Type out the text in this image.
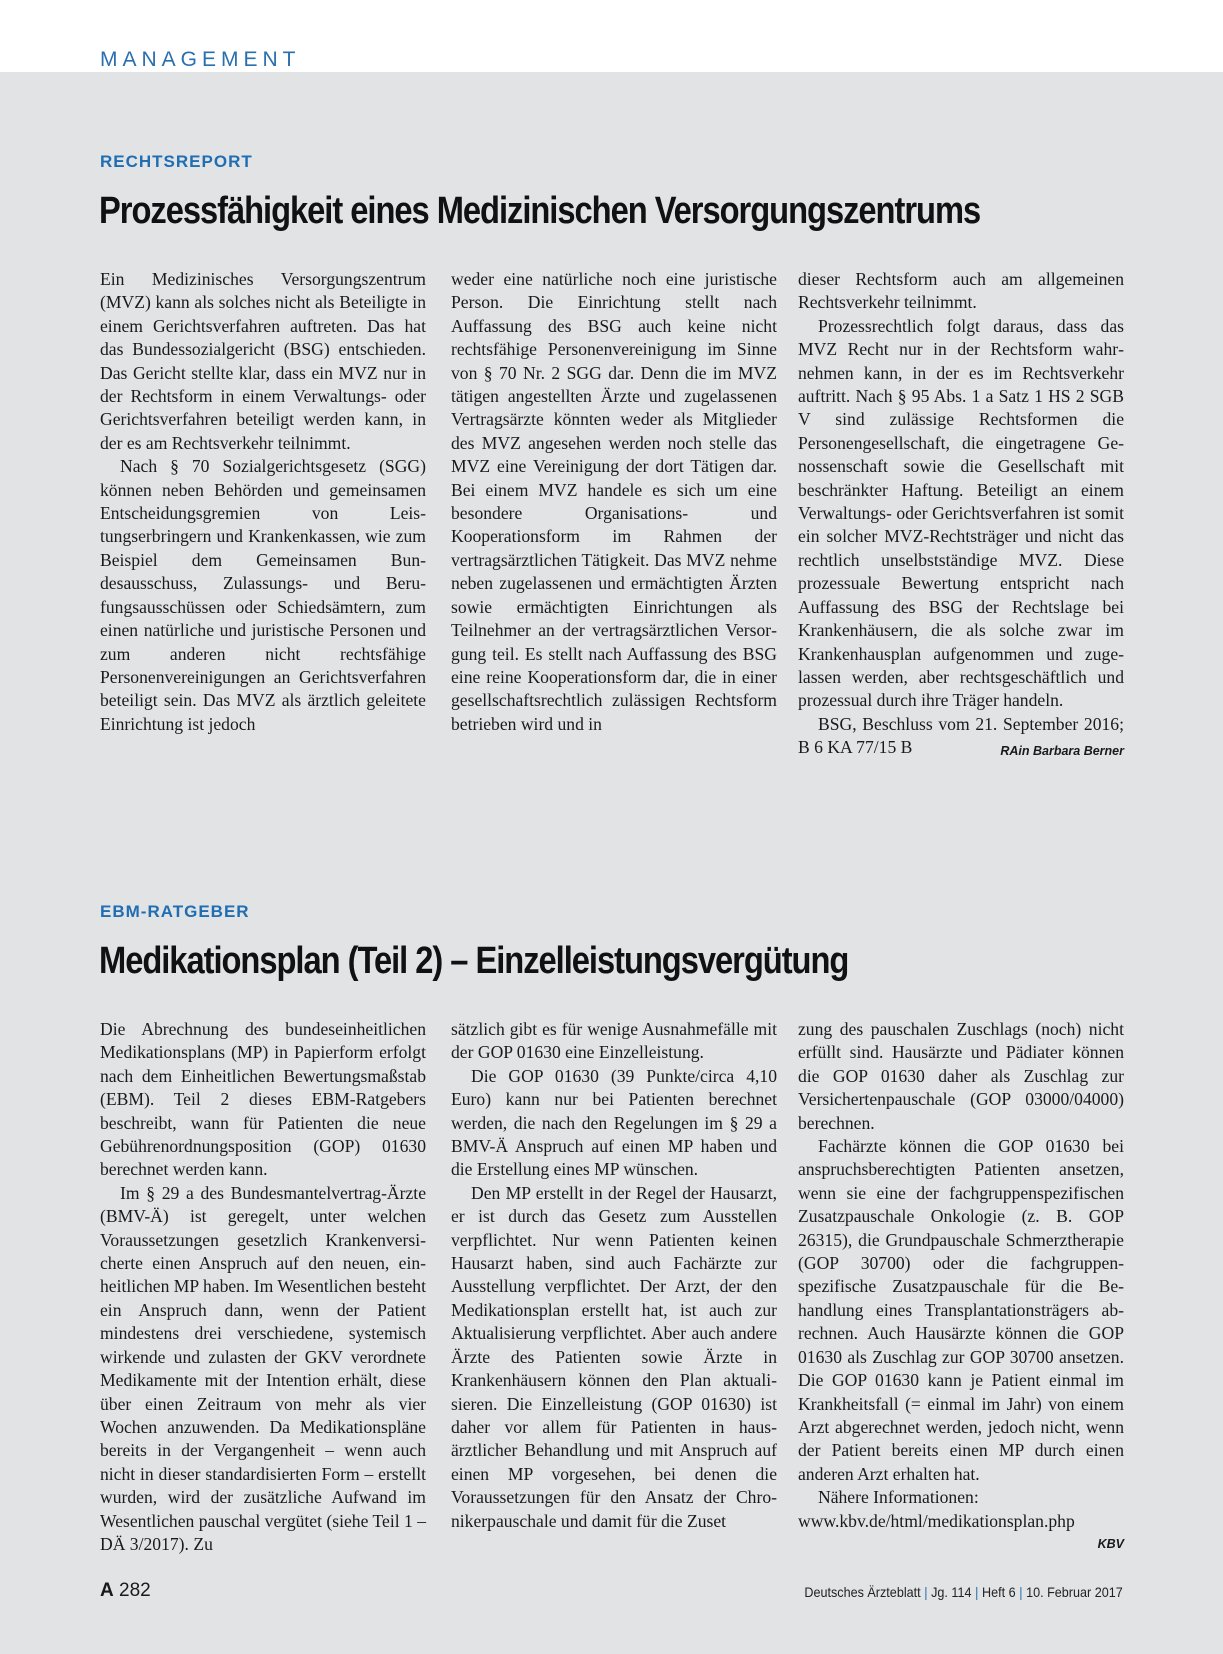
MANAGEMENT
RECHTSREPORT
Prozessfähigkeit eines Medizinischen Versorgungszentrums

Ein Medizinisches Versorgungszentrum (MVZ) kann als solches nicht als Beteiligte in einem Gerichtsverfahren auftreten. Das hat das Bundessozialgericht (BSG) entschieden. Das Gericht stellte klar, dass ein MVZ nur in der Rechtsform in einem Verwaltungs- oder Gerichtsverfahren beteiligt werden kann, in der es am Rechtsverkehr teilnimmt.

Nach § 70 Sozialgerichtsgesetz (SGG) können neben Behörden und gemeinsamen Entscheidungsgremien von Leistungserbringern und Krankenkassen, wie zum Beispiel dem Gemeinsamen Bundesausschuss, Zulassungs- und Berufungsausschüssen oder Schiedsämtern, zum einen natürliche und juristische Personen und zum anderen nicht rechtsfähige Personenvereinigungen an Gerichtsverfahren beteiligt sein. Das MVZ als ärztlich geleitete Einrichtung ist jedoch

weder eine natürliche noch eine juristische Person. Die Einrichtung stellt nach Auffassung des BSG auch keine nicht rechtsfähige Personenvereinigung im Sinne von § 70 Nr. 2 SGG dar. Denn die im MVZ tätigen angestellten Ärzte und zugelassenen Vertragsärzte könnten weder als Mitglieder des MVZ angesehen werden noch stelle das MVZ eine Vereinigung der dort Tätigen dar. Bei einem MVZ handele es sich um eine besondere Organisations- und Kooperationsform im Rahmen der vertragsärztlichen Tätigkeit. Das MVZ nehme neben zugelassenen und ermächtigten Ärzten sowie ermächtigten Einrichtungen als Teilnehmer an der vertragsärztlichen Versorgung teil. Es stellt nach Auffassung des BSG eine reine Kooperationsform dar, die in einer gesellschaftsrechtlich zulässigen Rechtsform betrieben wird und in

dieser Rechtsform auch am allgemeinen Rechtsverkehr teilnimmt.

Prozessrechtlich folgt daraus, dass das MVZ Recht nur in der Rechtsform wahrnehmen kann, in der es im Rechtsverkehr auftritt. Nach § 95 Abs. 1 a Satz 1 HS 2 SGB V sind zulässige Rechtsformen die Personengesellschaft, die eingetragene Genossenschaft sowie die Gesellschaft mit beschränkter Haftung. Beteiligt an einem Verwaltungs- oder Gerichtsverfahren ist somit ein solcher MVZ-Rechtsträger und nicht das rechtlich unselbstständige MVZ. Diese prozessuale Bewertung entspricht nach Auffassung des BSG der Rechtslage bei Krankenhäusern, die als solche zwar im Krankenhausplan aufgenommen und zugelassen werden, aber rechtsgeschäftlich und prozessual durch ihre Träger handeln.

BSG, Beschluss vom 21. September 2016; B 6 KA 77/15 B	RAin Barbara Berner

EBM-RATGEBER
Medikationsplan (Teil 2) – Einzelleistungsvergütung

Die Abrechnung des bundeseinheitlichen Medikationsplans (MP) in Papierform erfolgt nach dem Einheitlichen Bewertungsmaßstab (EBM). Teil 2 dieses EBM-Ratgebers beschreibt, wann für Patienten die neue Gebührenordnungsposition (GOP) 01630 berechnet werden kann.

Im § 29 a des Bundesmantelvertrag-Ärzte (BMV-Ä) ist geregelt, unter welchen Voraussetzungen gesetzlich Krankenversicherte einen Anspruch auf den neuen, einheitlichen MP haben. Im Wesentlichen besteht ein Anspruch dann, wenn der Patient mindestens drei verschiedene, systemisch wirkende und zulasten der GKV verordnete Medikamente mit der Intention erhält, diese über einen Zeitraum von mehr als vier Wochen anzuwenden. Da Medikationspläne bereits in der Vergangenheit – wenn auch nicht in dieser standardisierten Form – erstellt wurden, wird der zusätzliche Aufwand im Wesentlichen pauschal vergütet (siehe Teil 1 – DÄ 3/2017). Zu

sätzlich gibt es für wenige Ausnahmefälle mit der GOP 01630 eine Einzelleistung.

Die GOP 01630 (39 Punkte/circa 4,10 Euro) kann nur bei Patienten berechnet werden, die nach den Regelungen im § 29 a BMV-Ä Anspruch auf einen MP haben und die Erstellung eines MP wünschen.

Den MP erstellt in der Regel der Hausarzt, er ist durch das Gesetz zum Ausstellen verpflichtet. Nur wenn Patienten keinen Hausarzt haben, sind auch Fachärzte zur Ausstellung verpflichtet. Der Arzt, der den Medikationsplan erstellt hat, ist auch zur Aktualisierung verpflichtet. Aber auch andere Ärzte des Patienten sowie Ärzte in Krankenhäusern können den Plan aktualisieren. Die Einzelleistung (GOP 01630) ist daher vor allem für Patienten in hausärztlicher Behandlung und mit Anspruch auf einen MP vorgesehen, bei denen die Voraussetzungen für den Ansatz der Chronikerpauschale und damit für die Zuset

zung des pauschalen Zuschlags (noch) nicht erfüllt sind. Hausärzte und Pädiater können die GOP 01630 daher als Zuschlag zur Versichertenpauschale (GOP 03000/04000) berechnen.

Fachärzte können die GOP 01630 bei anspruchsberechtigten Patienten ansetzen, wenn sie eine der fachgruppenspezifischen Zusatzpauschale Onkologie (z. B. GOP 26315), die Grundpauschale Schmerztherapie (GOP 30700) oder die fachgruppenspezifische Zusatzpauschale für die Behandlung eines Transplantationsträgers abrechnen. Auch Hausärzte können die GOP 01630 als Zuschlag zur GOP 30700 ansetzen. Die GOP 01630 kann je Patient einmal im Krankheitsfall (= einmal im Jahr) von einem Arzt abgerechnet werden, jedoch nicht, wenn der Patient bereits einen MP durch einen anderen Arzt erhalten hat.

Nähere Informationen:

www.kbv.de/html/medikationsplan.php

KBV
A 282	Deutsches Ärzteblatt | Jg. 114 | Heft 6 | 10. Februar 2017
